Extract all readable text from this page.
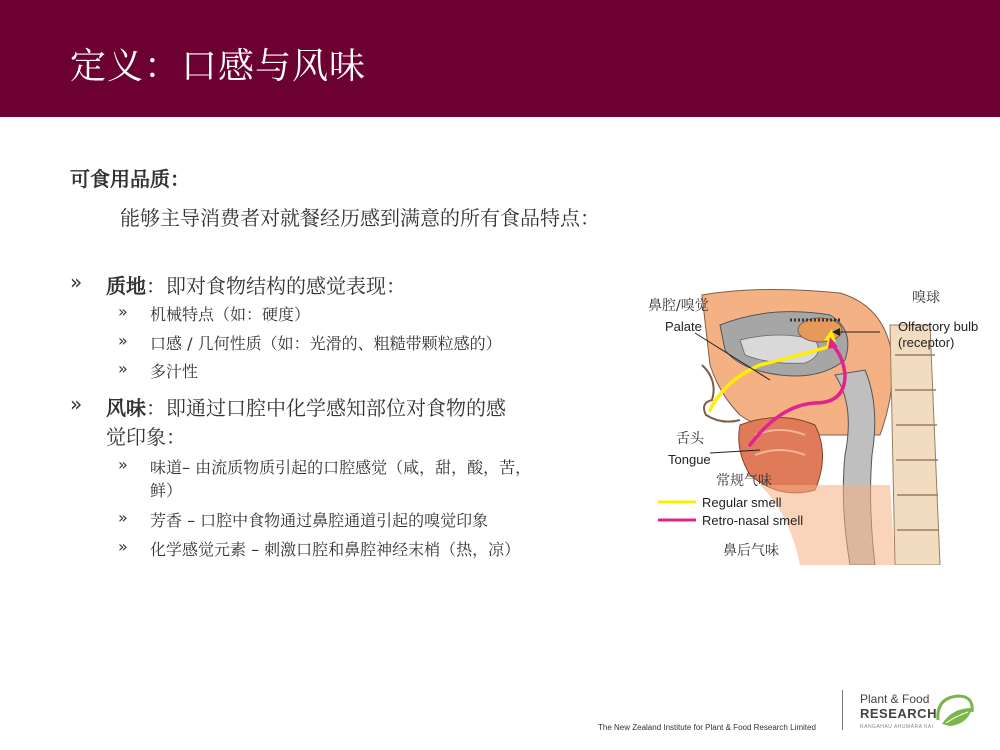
定义：口感与风味
可食用品质：
能够主导消费者对就餐经历感到满意的所有食品特点：
» 质地：即对食物结构的感觉表现：
» 机械特点（如：硬度）
» 口感 / 几何性质（如：光滑的、粗糙带颗粒感的）
» 多汁性
» 风味：即通过口腔中化学感知部位对食物的感
觉印象：
» 味道– 由流质物质引起的口腔感觉（咸，甜，酸，苦，
鲜）
» 芳香 – 口腔中食物通过鼻腔通道引起的嗅觉印象
» 化学感觉元素 – 刺激口腔和鼻腔神经末梢（热，凉）
鼻腔/嗅觉
Palate
嗅球
Olfactory bulb
(receptor)
舌头
Tongue
常规气味
Regular smell
Retro-nasal smell
鼻后气味
The New Zealand Institute for Plant & Food Research Limited
Plant & Food
RESEARCH
RANGAHAU AHUMĀRA KAI
